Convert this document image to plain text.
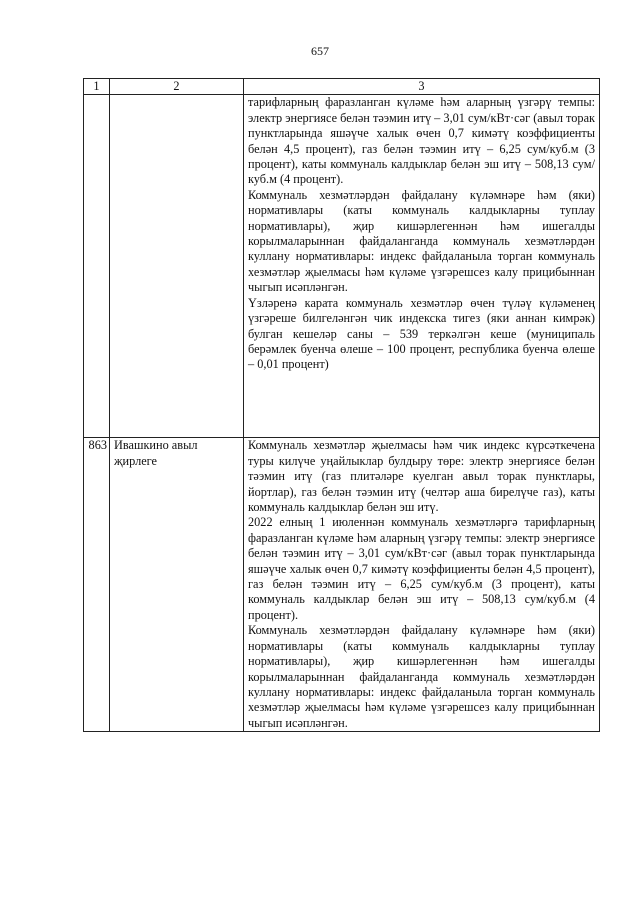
657
1	2	3

		тарифларның фаразланган күләме һәм аларның үзгәрү темпы: электр энергиясе белән тәэмин итү – 3,01 сум/кВт·сәг (авыл торак пунктларында яшәүче халык өчен 0,7 кимәтү коэффициенты белән 4,5 процент), газ белән тәэмин итү – 6,25 сум/куб.м (3 процент), каты коммуналь калдыклар белән эш итү – 508,13 сум/куб.м (4 процент).
Коммуналь хезмәтләрдән файдалану күләмнәре һәм (яки) нормативлары (каты коммуналь калдыкларны туплау нормативлары), җир кишәрлегеннән һәм ишегалды корылмаларыннан файдаланганда коммуналь хезмәтләрдән куллану нормативлары: индекс файдаланыла торган коммуналь хезмәтләр җыелмасы һәм күләме үзгәрешсез калу прицибыннан чыгып исәпләнгән.
Үзләренә карата коммуналь хезмәтләр өчен түләү күләменең үзгәреше билгеләнгән чик индекска тигез (яки аннан кимрәк) булган кешеләр саны – 539 теркәлгән кеше (муниципаль берәмлек буенча өлеше – 100 процент, республика буенча өлеше – 0,01 процент)

863	Ивашкино авыл җирлеге	Коммуналь хезмәтләр җыелмасы һәм чик индекс күрсәткечена туры килүче уңайлыклар булдыру төре: электр энергиясе белән тәэмин итү (газ плитәләре куелган авыл торак пунктлары, йортлар), газ белән тәэмин итү (челтәр аша бирелүче газ), каты коммуналь калдыклар белән эш итү.
2022 елның 1 июленнән коммуналь хезмәтләргә тарифларның фаразланган күләме һәм аларның үзгәрү темпы: электр энергиясе белән тәэмин итү – 3,01 сум/кВт·сәг (авыл торак пунктларында яшәүче халык өчен 0,7 кимәтү коэффициенты белән 4,5 процент), газ белән тәэмин итү – 6,25 сум/куб.м (3 процент), каты коммуналь калдыклар белән эш итү – 508,13 сум/куб.м (4 процент).
Коммуналь хезмәтләрдән файдалану күләмнәре һәм (яки) нормативлары (каты коммуналь калдыкларны туплау нормативлары), җир кишәрлегеннән һәм ишегалды корылмаларыннан файдаланганда коммуналь хезмәтләрдән куллану нормативлары: индекс файдаланыла торган коммуналь хезмәтләр җыелмасы һәм күләме үзгәрешсез калу прицибыннан чыгып исәпләнгән.
